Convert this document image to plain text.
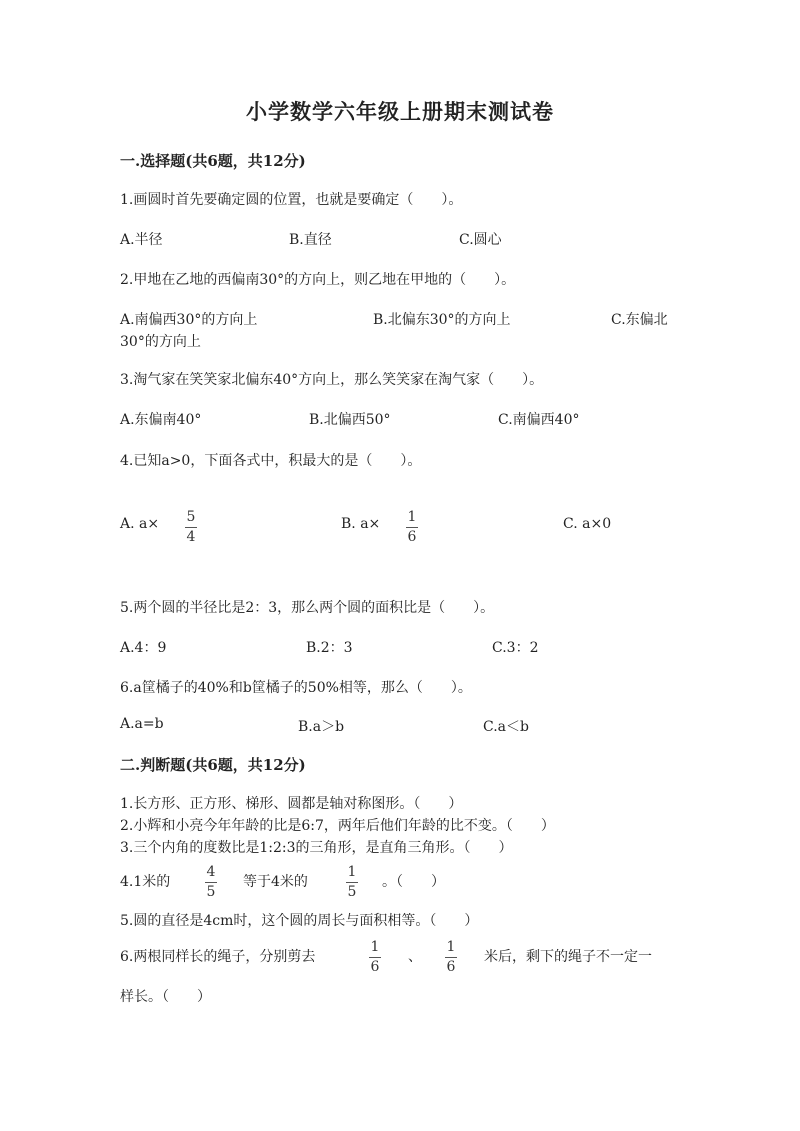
小学数学六年级上册期末测试卷
一.选择题(共6题，共12分)
1.画圆时首先要确定圆的位置，也就是要确定（　　）。
A.半径	B.直径	C.圆心
2.甲地在乙地的西偏南30°的方向上，则乙地在甲地的（　　）。
A.南偏西30°的方向上	B.北偏东30°的方向上	C.东偏北
30°的方向上
3.淘气家在笑笑家北偏东40°方向上，那么笑笑家在淘气家（　　）。
A.东偏南40°	B.北偏西50°	C.南偏西40°
4.已知a>0，下面各式中，积最大的是（　　）。
A. a× 5
4
B. a× 1
6
C. a×0
5.两个圆的半径比是2：3，那么两个圆的面积比是（　　）。
A.4：9	B.2：3	C.3：2
6.a筐橘子的40%和b筐橘子的50%相等，那么（　　）。
A.a=b	B.a＞b	C.a＜b
二.判断题(共6题，共12分)
1.长方形、正方形、梯形、圆都是轴对称图形。（　　）
2.小辉和小亮今年年龄的比是6:7，两年后他们年龄的比不变。（　　）
3.三个内角的度数比是1:2:3的三角形，是直角三角形。（　　）
4.1米的
4
5
等于4米的
1
5
。（　　）
5.圆的直径是4cm时，这个圆的周长与面积相等。（　　）
6.两根同样长的绳子，分别剪去
1
6
、
1
6
米后，剩下的绳子不一定一
样长。（　　）
